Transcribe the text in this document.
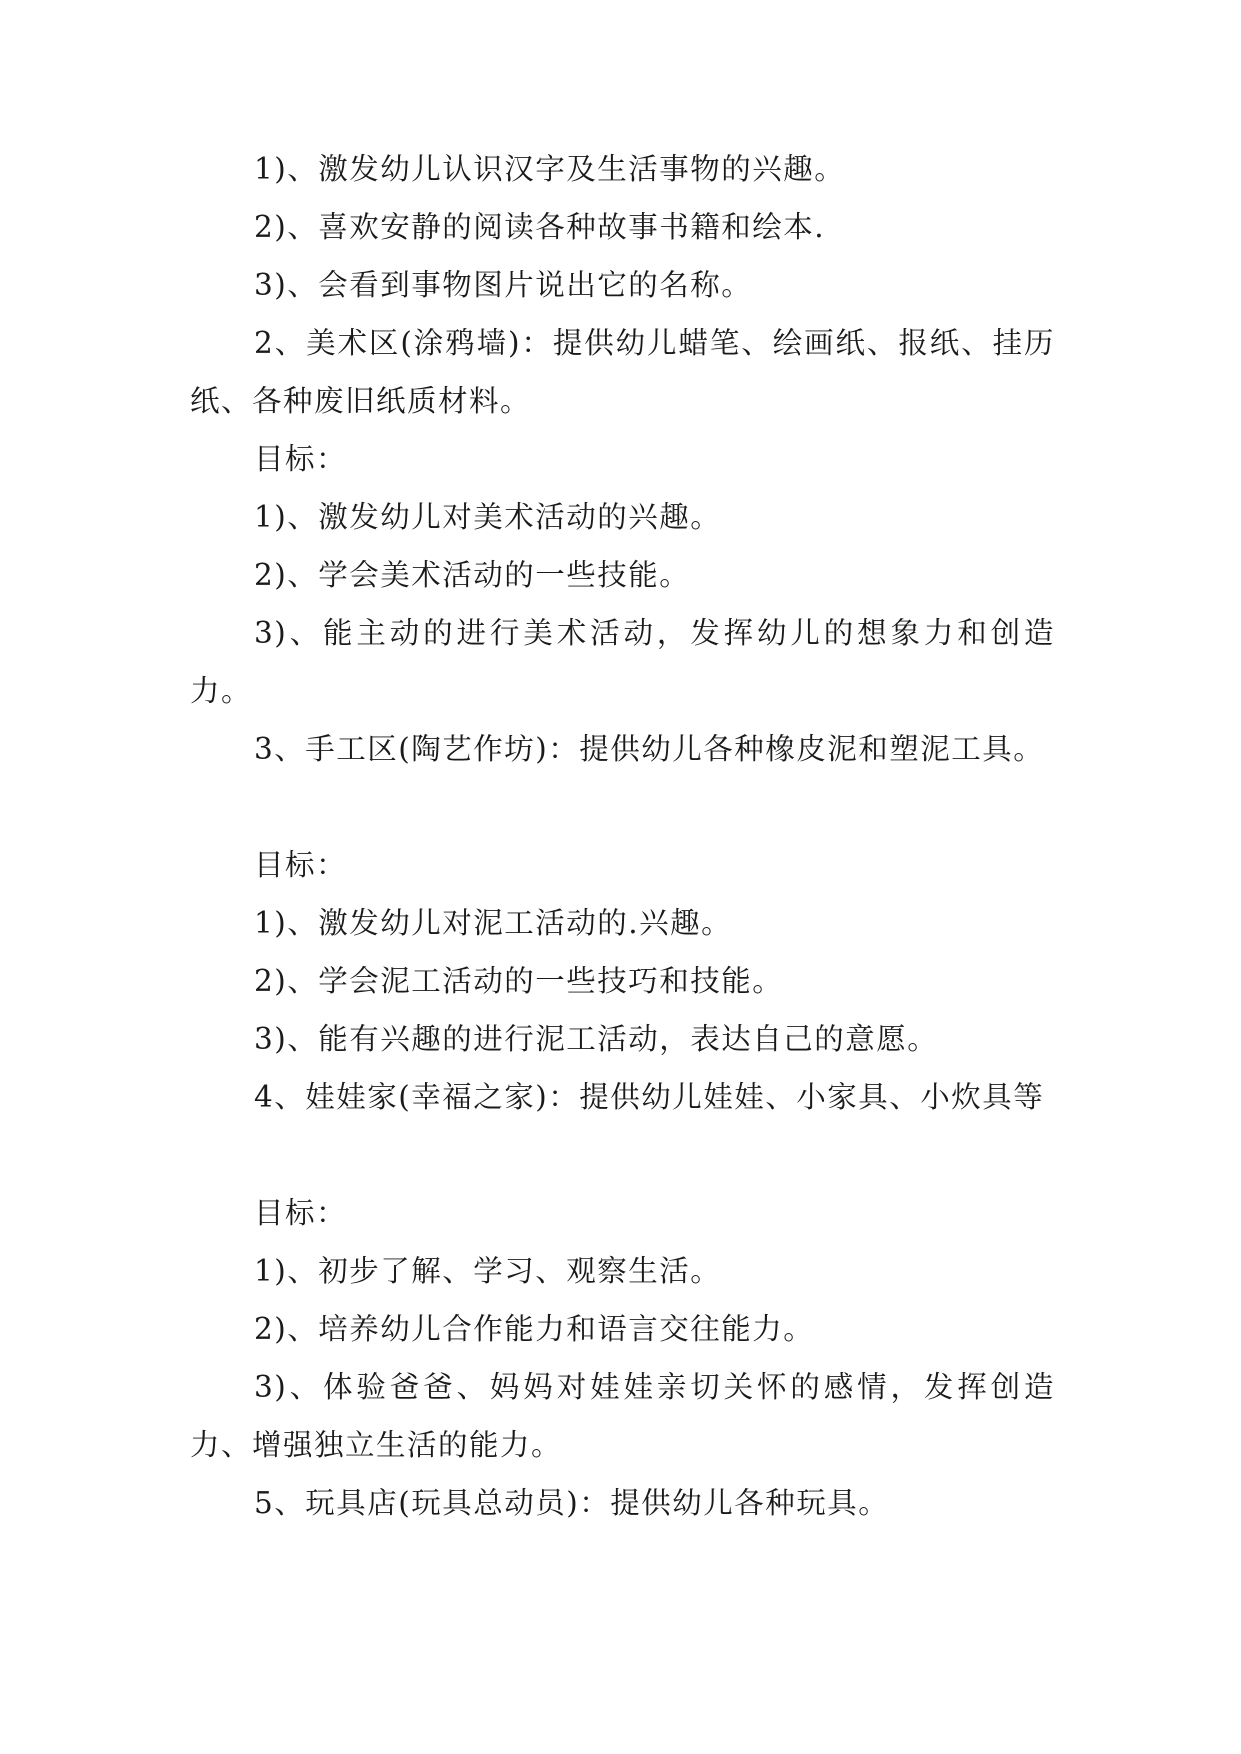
1)、激发幼儿认识汉字及生活事物的兴趣。

2)、喜欢安静的阅读各种故事书籍和绘本.

3)、会看到事物图片说出它的名称。

2、美术区(涂鸦墙)：提供幼儿蜡笔、绘画纸、报纸、挂历纸、各种废旧纸质材料。

目标：

1)、激发幼儿对美术活动的兴趣。

2)、学会美术活动的一些技能。

3)、能主动的进行美术活动，发挥幼儿的想象力和创造力。

3、手工区(陶艺作坊)：提供幼儿各种橡皮泥和塑泥工具。

目标：

1)、激发幼儿对泥工活动的.兴趣。

2)、学会泥工活动的一些技巧和技能。

3)、能有兴趣的进行泥工活动，表达自己的意愿。

4、娃娃家(幸福之家)：提供幼儿娃娃、小家具、小炊具等

目标：

1)、初步了解、学习、观察生活。

2)、培养幼儿合作能力和语言交往能力。

3)、体验爸爸、妈妈对娃娃亲切关怀的感情，发挥创造力、增强独立生活的能力。

5、玩具店(玩具总动员)：提供幼儿各种玩具。
